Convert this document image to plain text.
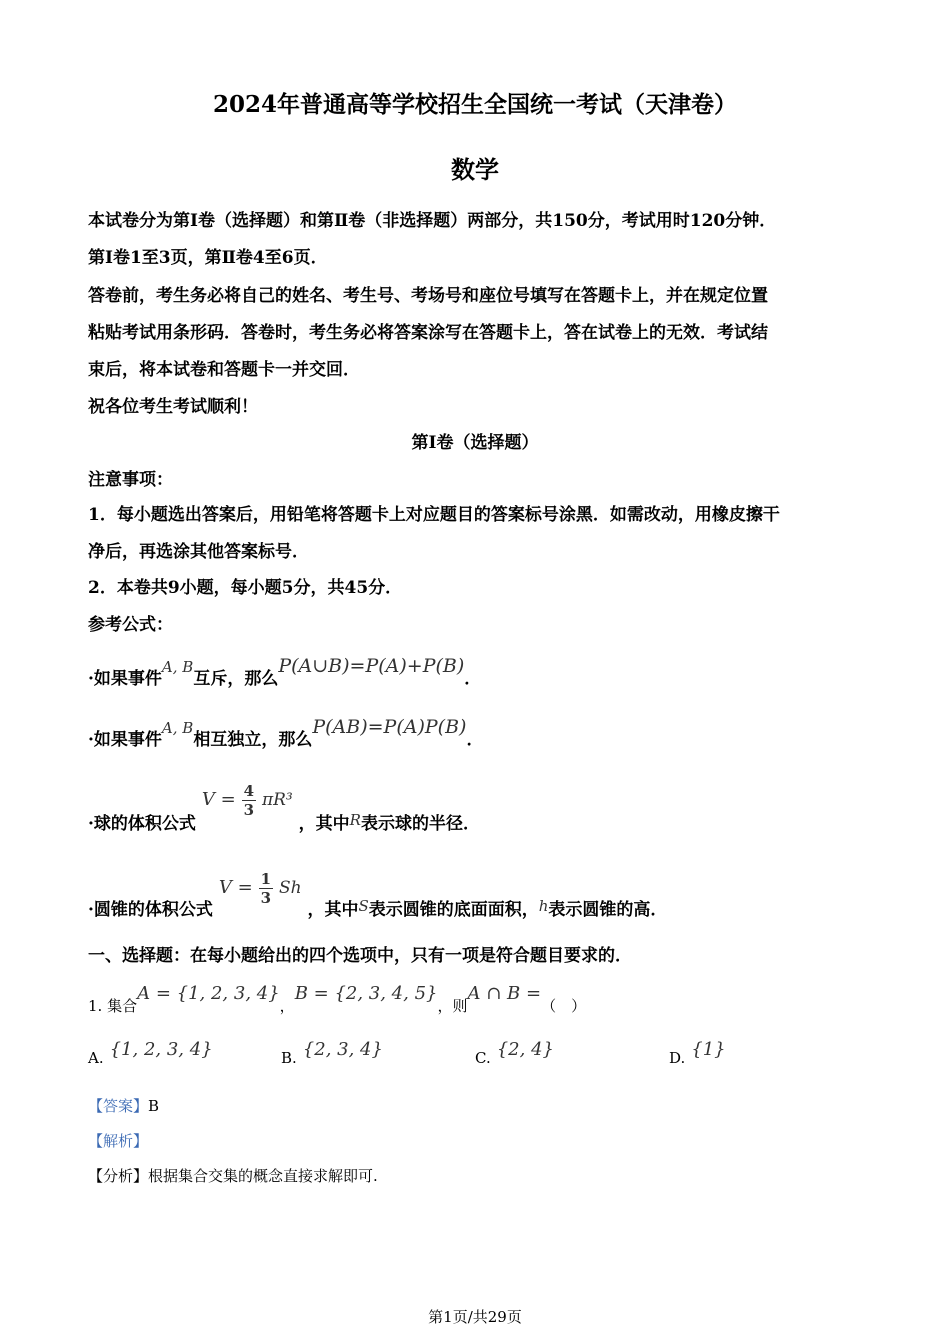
2024年普通高等学校招生全国统一考试（天津卷）
数学
本试卷分为第Ⅰ卷（选择题）和第Ⅱ卷（非选择题）两部分，共150分，考试用时120分钟．
第Ⅰ卷1至3页，第Ⅱ卷4至6页．
答卷前，考生务必将自己的姓名、考生号、考场号和座位号填写在答题卡上，并在规定位置
粘贴考试用条形码．答卷时，考生务必将答案涂写在答题卡上，答在试卷上的无效．考试结
束后，将本试卷和答题卡一并交回．
祝各位考生考试顺利！
第Ⅰ卷（选择题）
注意事项：
1．每小题选出答案后，用铅笔将答题卡上对应题目的答案标号涂黑．如需改动，用橡皮擦干
净后，再选涂其他答案标号．
2．本卷共9小题，每小题5分，共45分．
参考公式：
·如果事件A, B互斥，那么P(A∪B)=P(A)+P(B)．
·如果事件A, B相互独立，那么P(AB)=P(A)P(B)．
·球的体积公式 $V = \frac{4}{3} \pi R^3$ ，其中R表示球的半径．
·圆锥的体积公式 $V = \frac{1}{3}$ Sh ，其中S表示圆锥的底面面积，h表示圆锥的高．
一、选择题：在每小题给出的四个选项中，只有一项是符合题目要求的．
1. 集合A = {1, 2, 3, 4}，B = {2, 3, 4, 5}，则A ∩ B =（　）
A. {1, 2, 3, 4}	B. {2, 3, 4}	C. {2, 4}	D. {1}
【答案】B
【解析】
【分析】根据集合交集的概念直接求解即可.
第1页/共29页
